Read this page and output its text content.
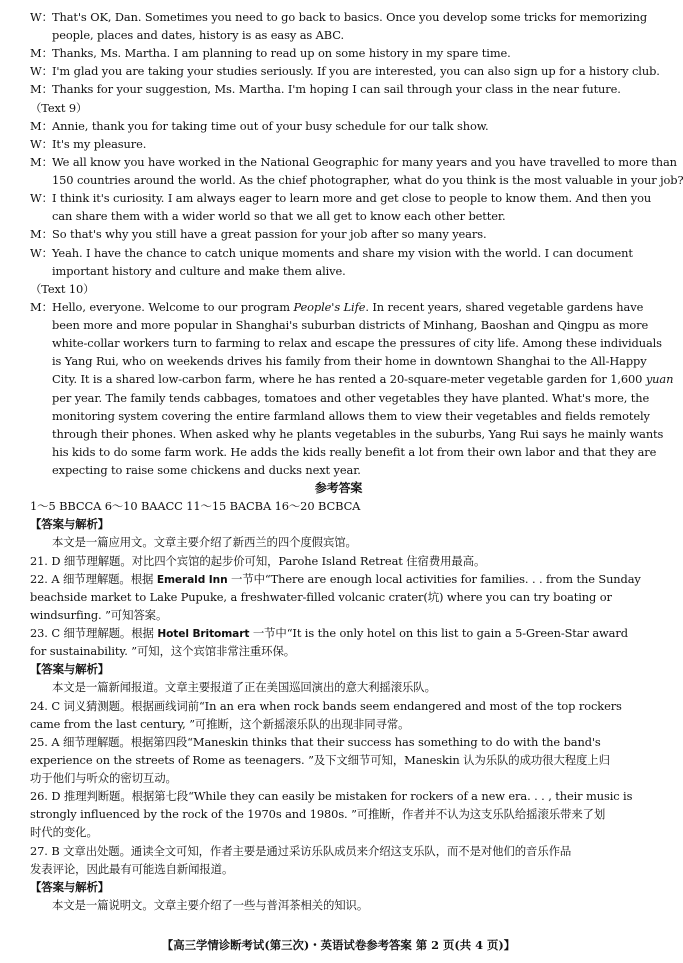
W：That's OK, Dan. Sometimes you need to go back to basics. Once you develop some tricks for memorizing
people, places and dates, history is as easy as ABC.
M：Thanks, Ms. Martha. I am planning to read up on some history in my spare time.
W：I'm glad you are taking your studies seriously. If you are interested, you can also sign up for a history club.
M：Thanks for your suggestion, Ms. Martha. I'm hoping I can sail through your class in the near future.
（Text 9）
M：Annie, thank you for taking time out of your busy schedule for our talk show.
W：It's my pleasure.
M：We all know you have worked in the National Geographic for many years and you have travelled to more than
150 countries around the world. As the chief photographer, what do you think is the most valuable in your job?
W：I think it's curiosity. I am always eager to learn more and get close to people to know them. And then you
can share them with a wider world so that we all get to know each other better.
M：So that's why you still have a great passion for your job after so many years.
W：Yeah. I have the chance to catch unique moments and share my vision with the world. I can document
important history and culture and make them alive.
（Text 10）
M：Hello, everyone. Welcome to our program People's Life. In recent years, shared vegetable gardens have
been more and more popular in Shanghai's suburban districts of Minhang, Baoshan and Qingpu as more
white-collar workers turn to farming to relax and escape the pressures of city life. Among these individuals
is Yang Rui, who on weekends drives his family from their home in downtown Shanghai to the All-Happy
City. It is a shared low-carbon farm, where he has rented a 20-square-meter vegetable garden for 1,600 yuan
per year. The family tends cabbages, tomatoes and other vegetables they have planted. What's more, the
monitoring system covering the entire farmland allows them to view their vegetables and fields remotely
through their phones. When asked why he plants vegetables in the suburbs, Yang Rui says he mainly wants
his kids to do some farm work. He adds the kids really benefit a lot from their own labor and that they are
expecting to raise some chickens and ducks next year.
参考答案
1～5 BBCCA 6～10 BAACC 11～15 BACBA 16～20 BCBCA
【答案与解析】
本文是一篇应用文。文章主要介绍了新西兰的四个度假宾馆。
21. D 细节理解题。对比四个宾馆的起步价可知，Parohe Island Retreat 住宿费用最高。
22. A 细节理解题。根据 Emerald Inn 一节中“There are enough local activities for families. . . from the Sunday
beachside market to Lake Pupuke, a freshwater-filled volcanic crater(坑) where you can try boating or
windsurfing. ”可知答案。
23. C 细节理解题。根据 Hotel Britomart 一节中“It is the only hotel on this list to gain a 5-Green-Star award
for sustainability. ”可知，这个宾馆非常注重环保。
【答案与解析】
本文是一篇新闻报道。文章主要报道了正在美国巡回演出的意大利摇滚乐队。
24. C 词义猜测题。根据画线词前“In an era when rock bands seem endangered and most of the top rockers
came from the last century, ”可推断，这个新摇滚乐队的出现非同寻常。
25. A 细节理解题。根据第四段“Maneskin thinks that their success has something to do with the band's
experience on the streets of Rome as teenagers. ”及下文细节可知，Maneskin 认为乐队的成功很大程度上归
功于他们与听众的密切互动。
26. D 推理判断题。根据第七段“While they can easily be mistaken for rockers of a new era. . . , their music is
strongly influenced by the rock of the 1970s and 1980s. ”可推断，作者并不认为这支乐队给摇滚乐带来了划
时代的变化。
27. B 文章出处题。通读全文可知，作者主要是通过采访乐队成员来介绍这支乐队，而不是对他们的音乐作品
发表评论，因此最有可能选自新闻报道。
【答案与解析】
本文是一篇说明文。文章主要介绍了一些与普洱茶相关的知识。
【高三学情诊断考试(第三次)・英语试卷参考答案 第 2 页(共 4 页)】
